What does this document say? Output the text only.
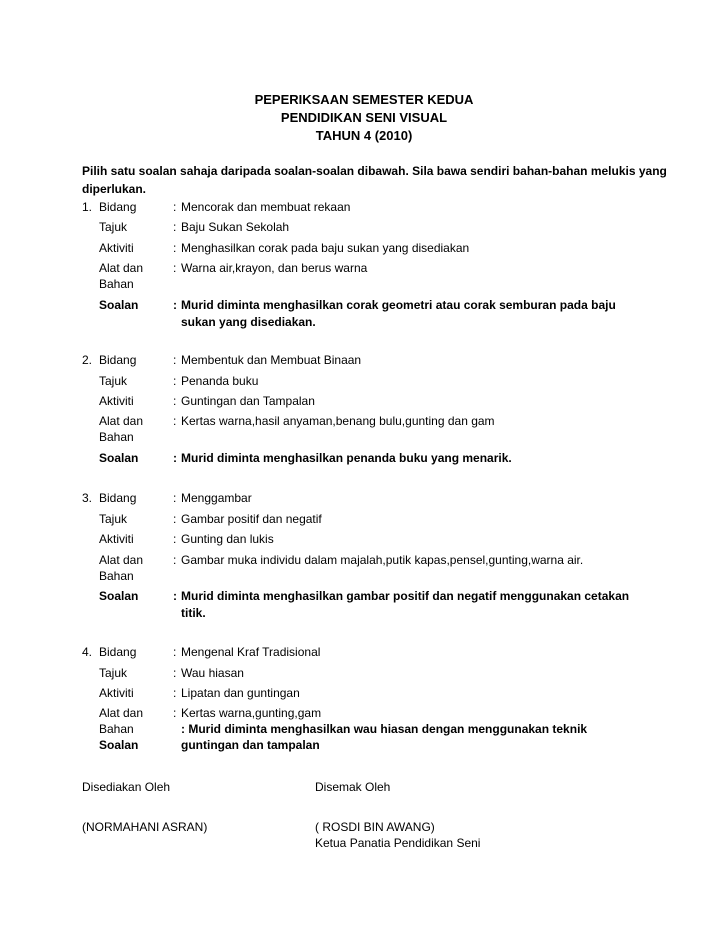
PEPERIKSAAN SEMESTER KEDUA
PENDIDIKAN SENI VISUAL
TAHUN 4 (2010)
Pilih satu soalan sahaja daripada soalan-soalan dibawah. Sila bawa sendiri bahan-bahan melukis yang
diperlukan.
1. Bidang	: Mencorak dan membuat rekaan
Tajuk	: Baju Sukan Sekolah
Aktiviti	: Menghasilkan corak pada baju sukan yang disediakan
Alat dan
Bahan
: Warna air,krayon, dan berus warna
Soalan	: Murid diminta menghasilkan corak geometri atau corak semburan pada baju
sukan yang disediakan.
2. Bidang	: Membentuk dan Membuat Binaan
Tajuk	: Penanda buku
Aktiviti	: Guntingan dan Tampalan
Alat dan
Bahan
: Kertas warna,hasil anyaman,benang bulu,gunting dan gam
Soalan	: Murid diminta menghasilkan penanda buku yang menarik.
3. Bidang	: Menggambar
Tajuk	: Gambar positif dan negatif
Aktiviti	: Gunting dan lukis
Alat dan
Bahan
: Gambar muka individu dalam majalah,putik kapas,pensel,gunting,warna air.
Soalan	: Murid diminta menghasilkan gambar positif dan negatif menggunakan cetakan
titik.
4. Bidang	: Mengenal Kraf Tradisional
Tajuk	: Wau hiasan
Aktiviti	: Lipatan dan guntingan
Alat dan
Bahan
: Kertas warna,gunting,gam
Soalan
: Murid diminta menghasilkan wau hiasan dengan menggunakan teknik
guntingan dan tampalan
Disediakan Oleh	Disemak Oleh
(NORMAHANI ASRAN)	( ROSDI BIN AWANG)
Ketua Panatia Pendidikan Seni
